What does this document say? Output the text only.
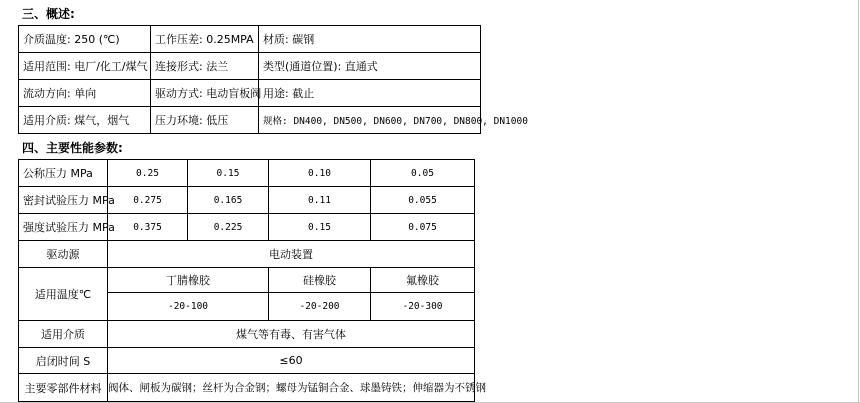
三、概述:
介质温度: 250 (℃)	工作压差: 0.25MPA	材质: 碳钢
适用范围: 电厂/化工/煤气	连接形式: 法兰	类型(通道位置): 直通式
流动方向: 单向	驱动方式: 电动盲板阀	用途: 截止
适用介质: 煤气，烟气	压力环境: 低压	规格: DN400, DN500, DN600, DN700, DN800, DN1000
四、主要性能参数:
公称压力 MPa	0.25	0.15	0.10	0.05
密封试验压力 MPa	0.275	0.165	0.11	0.055
强度试验压力 MPa	0.375	0.225	0.15	0.075
驱动源	电动装置			
适用温度℃	丁腈橡胶		硅橡胶	氟橡胶
	-20-100		-20-200	-20-300
适用介质	煤气等有毒、有害气体			
启闭时间 S	≤60			
主要零部件材料	阀体、闸板为碳钢；丝杆为合金钢；螺母为锰铜合金、球墨铸铁；伸缩器为不锈钢			
